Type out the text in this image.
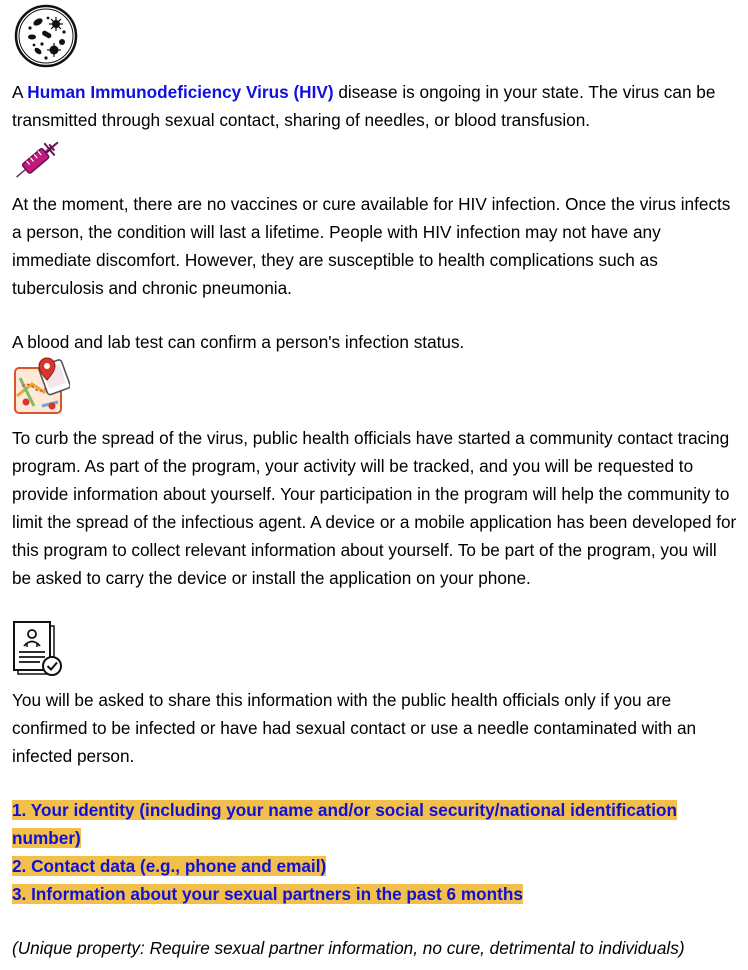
A Human Immunodeficiency Virus (HIV) disease is ongoing in your state. The virus can be transmitted through sexual contact, sharing of needles, or blood transfusion.

At the moment, there are no vaccines or cure available for HIV infection. Once the virus infects a person, the condition will last a lifetime. People with HIV infection may not have any immediate discomfort. However, they are susceptible to health complications such as tuberculosis and chronic pneumonia.

A blood and lab test can confirm a person's infection status.

To curb the spread of the virus, public health officials have started a community contact tracing program. As part of the program, your activity will be tracked, and you will be requested to provide information about yourself. Your participation in the program will help the community to limit the spread of the infectious agent. A device or a mobile application has been developed for this program to collect relevant information about yourself. To be part of the program, you will be asked to carry the device or install the application on your phone.

You will be asked to share this information with the public health officials only if you are confirmed to be infected or have had sexual contact or use a needle contaminated with an infected person.

1. Your identity (including your name and/or social security/national identification number)
2. Contact data (e.g., phone and email)
3. Information about your sexual partners in the past 6 months

(Unique property: Require sexual partner information, no cure, detrimental to individuals)
